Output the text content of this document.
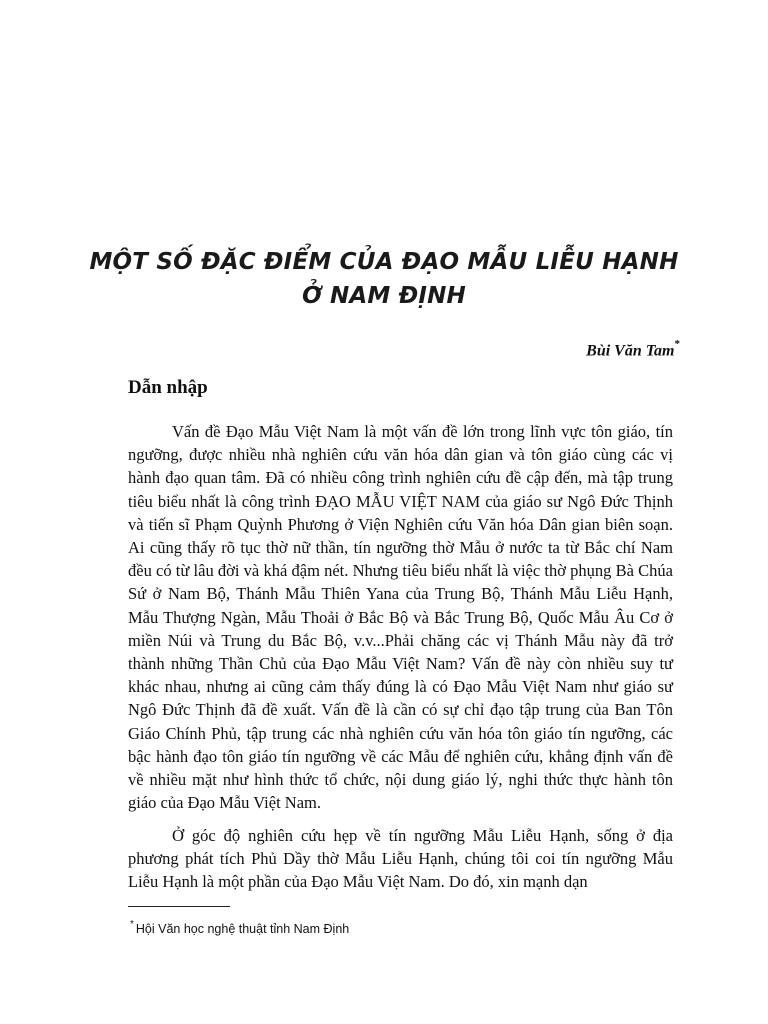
MỘT SỐ ĐẶC ĐIỂM CỦA ĐẠO MẪU LIỄU HẠNH
Ở NAM ĐỊNH
Bùi Văn Tam*
Dẫn nhập

Vấn đề Đạo Mẫu Việt Nam là một vấn đề lớn trong lĩnh vực tôn giáo, tín ngưỡng, được nhiều nhà nghiên cứu văn hóa dân gian và tôn giáo cùng các vị hành đạo quan tâm. Đã có nhiều công trình nghiên cứu đề cập đến, mà tập trung tiêu biểu nhất là công trình ĐẠO MẪU VIỆT NAM của giáo sư Ngô Đức Thịnh và tiến sĩ Phạm Quỳnh Phương ở Viện Nghiên cứu Văn hóa Dân gian biên soạn. Ai cũng thấy rõ tục thờ nữ thần, tín ngưỡng thờ Mẫu ở nước ta từ Bắc chí Nam đều có từ lâu đời và khá đậm nét. Nhưng tiêu biểu nhất là việc thờ phụng Bà Chúa Sứ ở Nam Bộ, Thánh Mẫu Thiên Yana của Trung Bộ, Thánh Mẫu Liễu Hạnh, Mẫu Thượng Ngàn, Mẫu Thoải ở Bắc Bộ và Bắc Trung Bộ, Quốc Mẫu Âu Cơ ở miền Núi và Trung du Bắc Bộ, v.v...Phải chăng các vị Thánh Mẫu này đã trở thành những Thần Chủ của Đạo Mẫu Việt Nam? Vấn đề này còn nhiều suy tư khác nhau, nhưng ai cũng cảm thấy đúng là có Đạo Mẫu Việt Nam như giáo sư Ngô Đức Thịnh đã đề xuất. Vấn đề là cần có sự chỉ đạo tập trung của Ban Tôn Giáo Chính Phủ, tập trung các nhà nghiên cứu văn hóa tôn giáo tín ngưỡng, các bậc hành đạo tôn giáo tín ngưỡng về các Mẫu để nghiên cứu, khẳng định vấn đề về nhiều mặt như hình thức tổ chức, nội dung giáo lý, nghi thức thực hành tôn giáo của Đạo Mẫu Việt Nam.

Ở góc độ nghiên cứu hẹp về tín ngưỡng Mẫu Liễu Hạnh, sống ở địa phương phát tích Phủ Dầy thờ Mẫu Liễu Hạnh, chúng tôi coi tín ngưỡng Mẫu Liễu Hạnh là một phần của Đạo Mẫu Việt Nam. Do đó, xin mạnh dạn

* Hội Văn học nghệ thuật tỉnh Nam Định
